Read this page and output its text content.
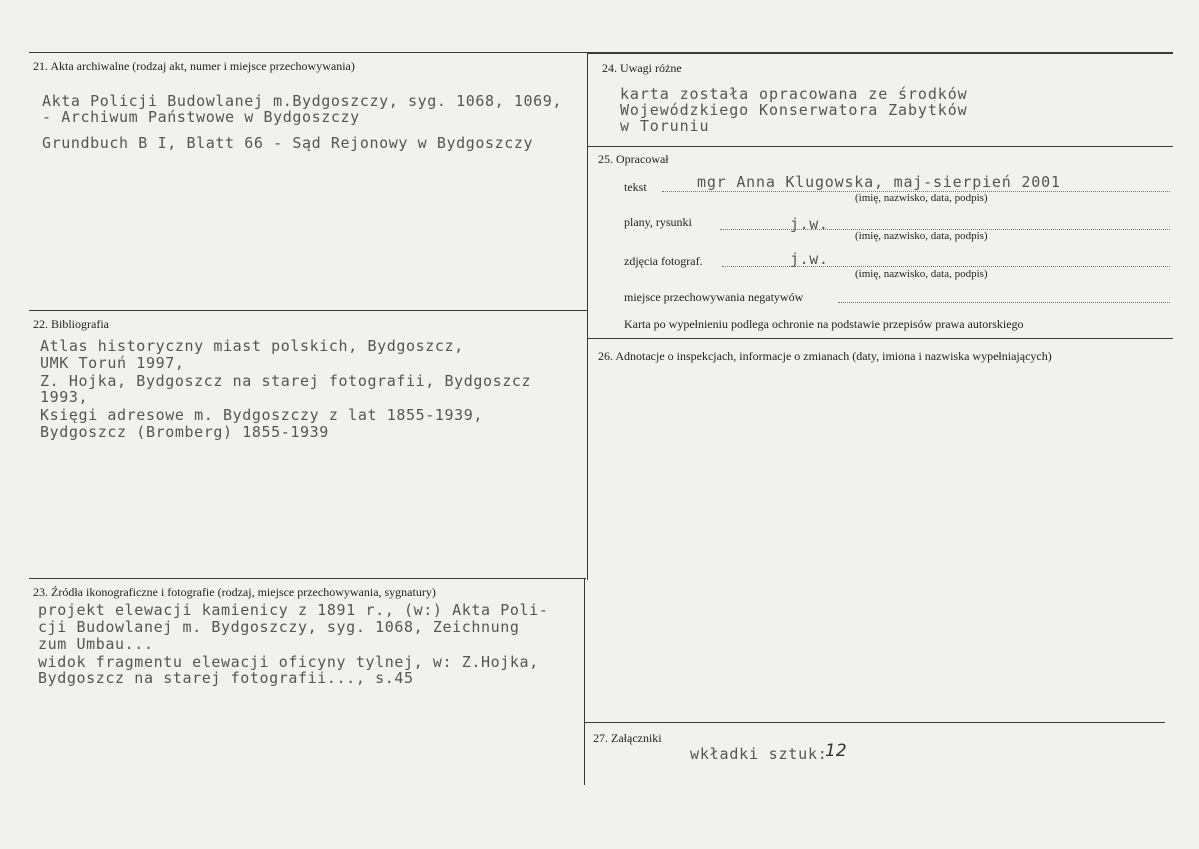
21. Akta archiwalne (rodzaj akt, numer i miejsce przechowywania)
Akta Policji Budowlanej m.Bydgoszczy, syg. 1068, 1069,
- Archiwum Państwowe w Bydgoszczy
Grundbuch B I, Blatt 66 - Sąd Rejonowy w Bydgoszczy
22. Bibliografia
Atlas historyczny miast polskich, Bydgoszcz,
UMK Toruń 1997,
Z. Hojka, Bydgoszcz na starej fotografii, Bydgoszcz
1993,
Księgi adresowe m. Bydgoszczy z lat 1855-1939,
Bydgoszcz (Bromberg) 1855-1939
23. Źródła ikonograficzne i fotografie (rodzaj, miejsce przechowywania, sygnatury)
projekt elewacji kamienicy z 1891 r., (w:) Akta Poli-
cji Budowlanej m. Bydgoszczy, syg. 1068, Zeichnung
zum Umbau...
widok fragmentu elewacji oficyny tylnej, w: Z.Hojka,
Bydgoszcz na starej fotografii..., s.45
24. Uwagi różne
karta została opracowana ze środków
Wojewódzkiego Konserwatora Zabytków
w Toruniu
25. Opracował
tekst	mgr Anna Klugowska, maj-sierpień 2001
(imię, nazwisko, data, podpis)
plany, rysunki	j.w.
(imię, nazwisko, data, podpis)
zdjęcia fotograf.	j.w.
(imię, nazwisko, data, podpis)
miejsce przechowywania negatywów
Karta po wypełnieniu podlega ochronie na podstawie przepisów prawa autorskiego
26. Adnotacje o inspekcjach, informacje o zmianach (daty, imiona i nazwiska wypełniających)
27. Załączniki
wkładki sztuk:
12
